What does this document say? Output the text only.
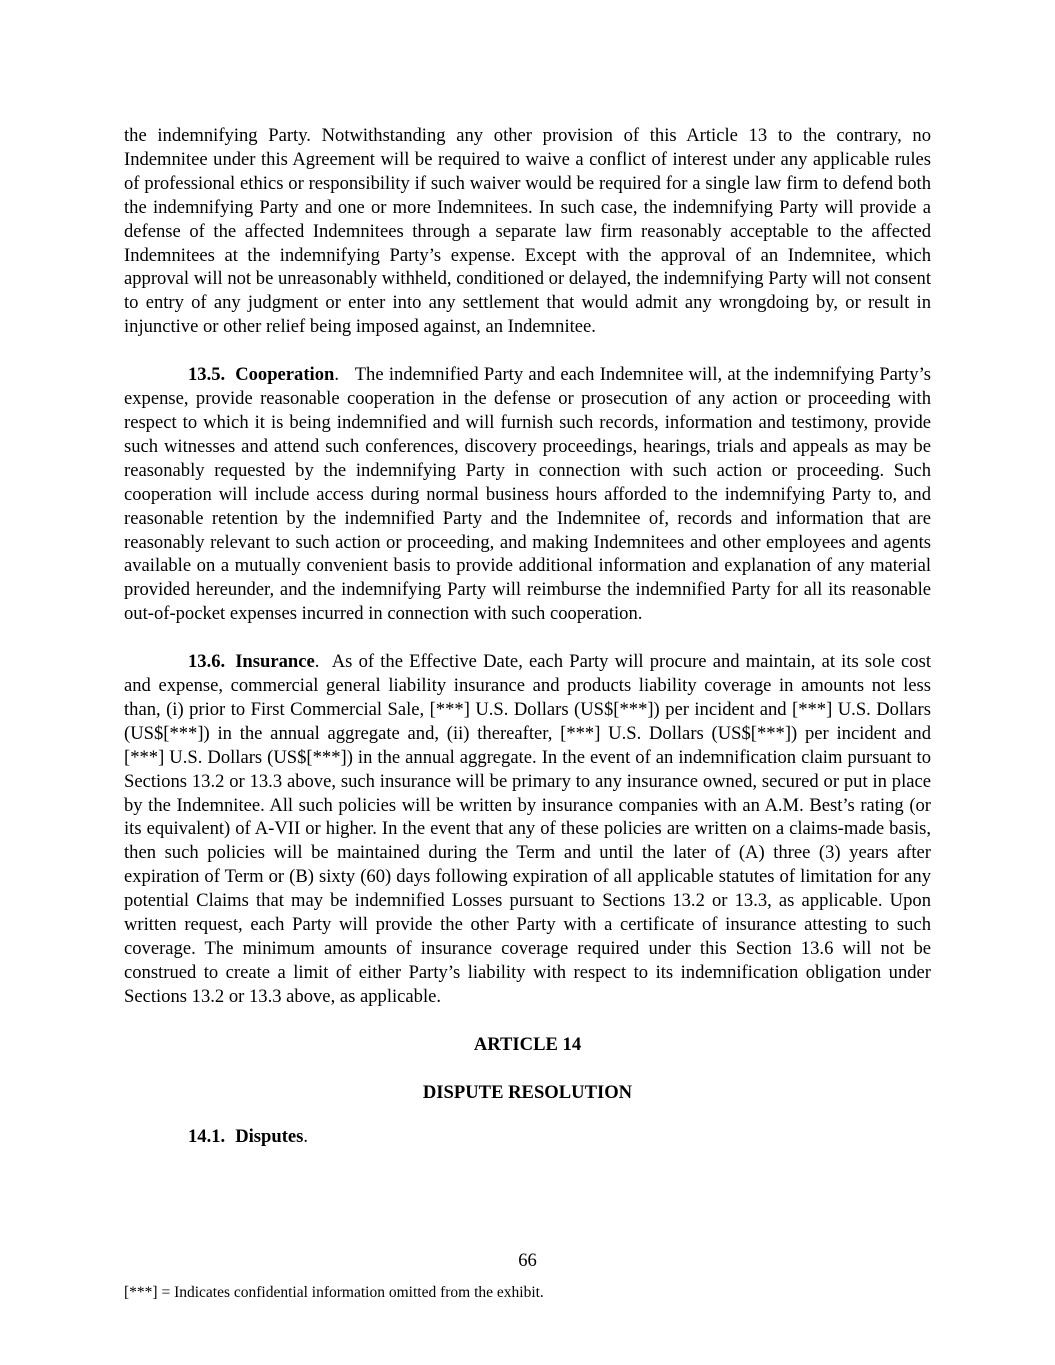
the indemnifying Party. Notwithstanding any other provision of this Article 13 to the contrary, no Indemnitee under this Agreement will be required to waive a conflict of interest under any applicable rules of professional ethics or responsibility if such waiver would be required for a single law firm to defend both the indemnifying Party and one or more Indemnitees. In such case, the indemnifying Party will provide a defense of the affected Indemnitees through a separate law firm reasonably acceptable to the affected Indemnitees at the indemnifying Party’s expense. Except with the approval of an Indemnitee, which approval will not be unreasonably withheld, conditioned or delayed, the indemnifying Party will not consent to entry of any judgment or enter into any settlement that would admit any wrongdoing by, or result in injunctive or other relief being imposed against, an Indemnitee.

13.5. Cooperation. The indemnified Party and each Indemnitee will, at the indemnifying Party’s expense, provide reasonable cooperation in the defense or prosecution of any action or proceeding with respect to which it is being indemnified and will furnish such records, information and testimony, provide such witnesses and attend such conferences, discovery proceedings, hearings, trials and appeals as may be reasonably requested by the indemnifying Party in connection with such action or proceeding. Such cooperation will include access during normal business hours afforded to the indemnifying Party to, and reasonable retention by the indemnified Party and the Indemnitee of, records and information that are reasonably relevant to such action or proceeding, and making Indemnitees and other employees and agents available on a mutually convenient basis to provide additional information and explanation of any material provided hereunder, and the indemnifying Party will reimburse the indemnified Party for all its reasonable out-of-pocket expenses incurred in connection with such cooperation.

13.6. Insurance. As of the Effective Date, each Party will procure and maintain, at its sole cost and expense, commercial general liability insurance and products liability coverage in amounts not less than, (i) prior to First Commercial Sale, [***] U.S. Dollars (US$[***]) per incident and [***] U.S. Dollars (US$[***]) in the annual aggregate and, (ii) thereafter, [***] U.S. Dollars (US$[***]) per incident and [***] U.S. Dollars (US$[***]) in the annual aggregate. In the event of an indemnification claim pursuant to Sections 13.2 or 13.3 above, such insurance will be primary to any insurance owned, secured or put in place by the Indemnitee. All such policies will be written by insurance companies with an A.M. Best’s rating (or its equivalent) of A-VII or higher. In the event that any of these policies are written on a claims-made basis, then such policies will be maintained during the Term and until the later of (A) three (3) years after expiration of Term or (B) sixty (60) days following expiration of all applicable statutes of limitation for any potential Claims that may be indemnified Losses pursuant to Sections 13.2 or 13.3, as applicable. Upon written request, each Party will provide the other Party with a certificate of insurance attesting to such coverage. The minimum amounts of insurance coverage required under this Section 13.6 will not be construed to create a limit of either Party’s liability with respect to its indemnification obligation under Sections 13.2 or 13.3 above, as applicable.

ARTICLE 14

DISPUTE RESOLUTION

14.1. Disputes.

66
[***] = Indicates confidential information omitted from the exhibit.
